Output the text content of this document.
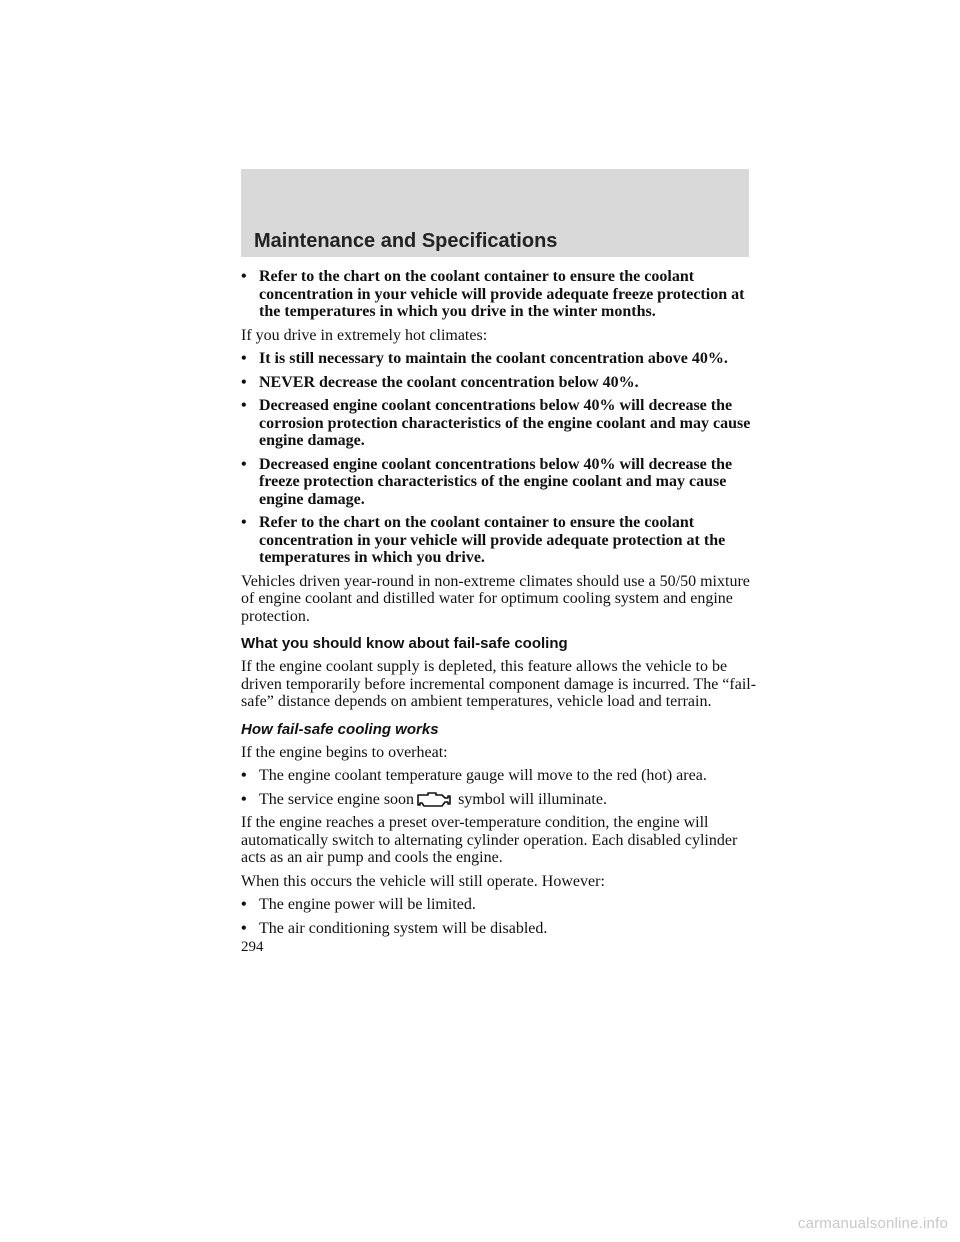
Maintenance and Specifications
• Refer to the chart on the coolant container to ensure the coolant concentration in your vehicle will provide adequate freeze protection at the temperatures in which you drive in the winter months.
If you drive in extremely hot climates:
• It is still necessary to maintain the coolant concentration above 40%.
• NEVER decrease the coolant concentration below 40%.
• Decreased engine coolant concentrations below 40% will decrease the corrosion protection characteristics of the engine coolant and may cause engine damage.
• Decreased engine coolant concentrations below 40% will decrease the freeze protection characteristics of the engine coolant and may cause engine damage.
• Refer to the chart on the coolant container to ensure the coolant concentration in your vehicle will provide adequate protection at the temperatures in which you drive.
Vehicles driven year-round in non-extreme climates should use a 50/50 mixture of engine coolant and distilled water for optimum cooling system and engine protection.
What you should know about fail-safe cooling
If the engine coolant supply is depleted, this feature allows the vehicle to be driven temporarily before incremental component damage is incurred. The “fail-safe” distance depends on ambient temperatures, vehicle load and terrain.
How fail-safe cooling works
If the engine begins to overheat:
• The engine coolant temperature gauge will move to the red (hot) area.
• The service engine soon	symbol will illuminate.
If the engine reaches a preset over-temperature condition, the engine will automatically switch to alternating cylinder operation. Each disabled cylinder acts as an air pump and cools the engine.
When this occurs the vehicle will still operate. However:
• The engine power will be limited.
• The air conditioning system will be disabled.
294
carmanualsonline.info
